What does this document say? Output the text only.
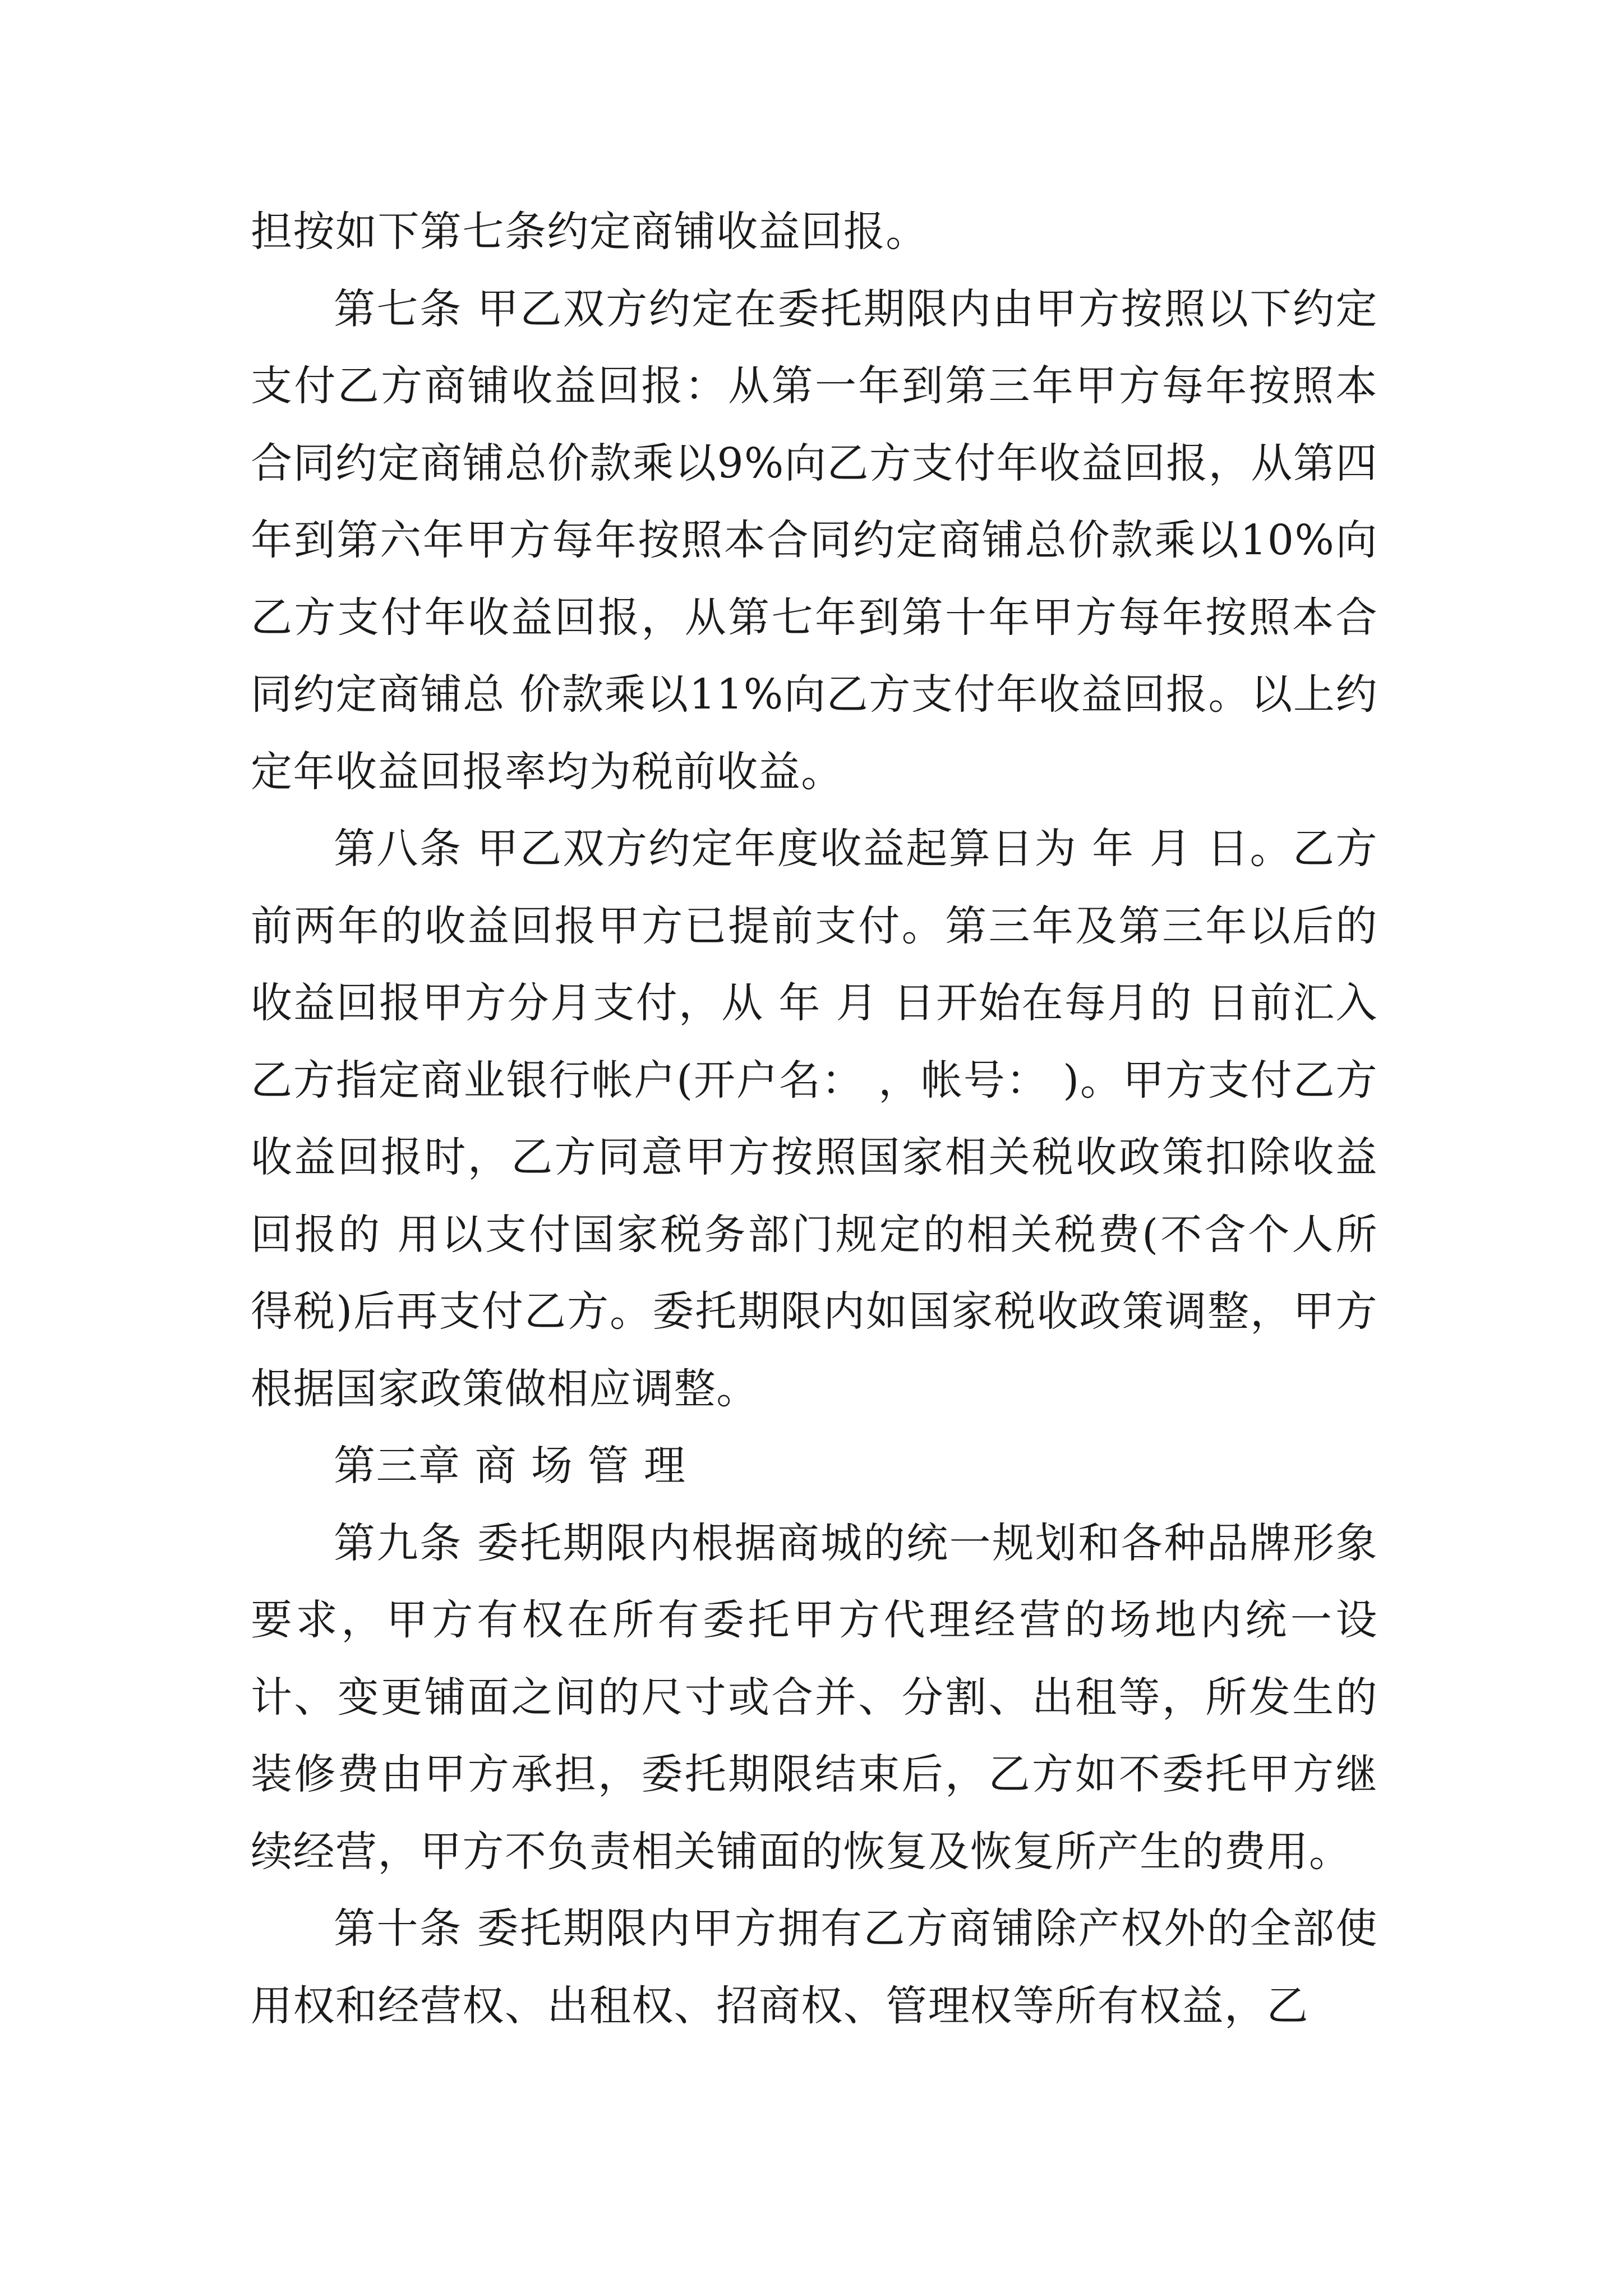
担按如下第七条约定商铺收益回报。

第七条 甲乙双方约定在委托期限内由甲方按照以下约定支付乙方商铺收益回报：从第一年到第三年甲方每年按照本合同约定商铺总价款乘以9%向乙方支付年收益回报，从第四年到第六年甲方每年按照本合同约定商铺总价款乘以10%向乙方支付年收益回报，从第七年到第十年甲方每年按照本合同约定商铺总 价款乘以11%向乙方支付年收益回报。以上约定年收益回报率均为税前收益。

第八条 甲乙双方约定年度收益起算日为 年 月 日。乙方前两年的收益回报甲方已提前支付。第三年及第三年以后的收益回报甲方分月支付，从 年 月 日开始在每月的 日前汇入乙方指定商业银行帐户(开户名： ，帐号： )。甲方支付乙方收益回报时，乙方同意甲方按照国家相关税收政策扣除收益回报的 用以支付国家税务部门规定的相关税费(不含个人所得税)后再支付乙方。委托期限内如国家税收政策调整，甲方根据国家政策做相应调整。

第三章 商 场 管 理

第九条 委托期限内根据商城的统一规划和各种品牌形象要求，甲方有权在所有委托甲方代理经营的场地内统一设计、变更铺面之间的尺寸或合并、分割、出租等，所发生的装修费由甲方承担，委托期限结束后，乙方如不委托甲方继续经营，甲方不负责相关铺面的恢复及恢复所产生的费用。

第十条 委托期限内甲方拥有乙方商铺除产权外的全部使用权和经营权、出租权、招商权、管理权等所有权益，乙
